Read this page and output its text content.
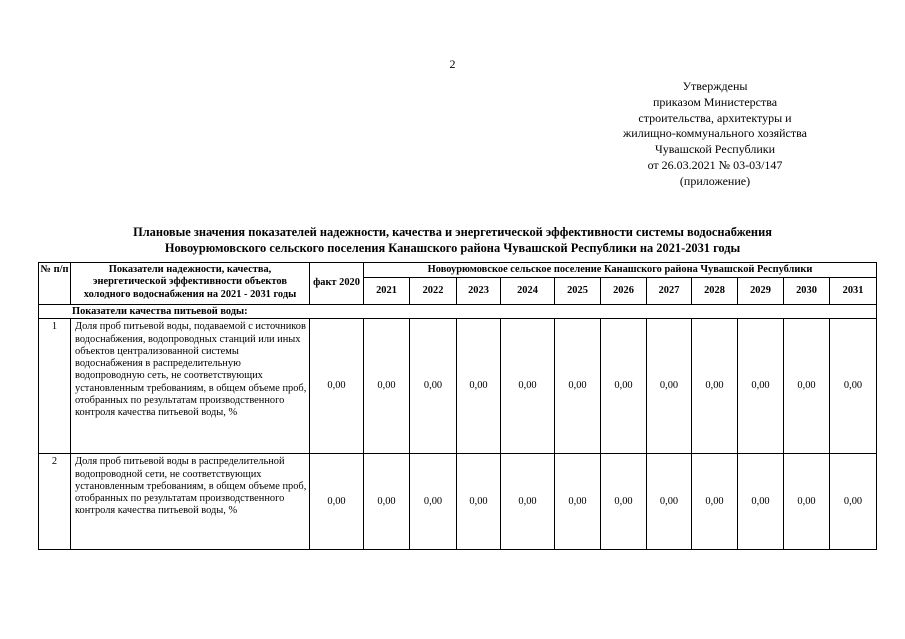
2
Утверждены
приказом Министерства
строительства, архитектуры и
жилищно-коммунального хозяйства
Чувашской Республики
от 26.03.2021 № 03-03/147
(приложение)
Плановые значения показателей надежности, качества и энергетической эффективности системы водоснабжения
Новоурюмовского сельского поселения Канашского района Чувашской Республики на 2021-2031 годы
№ п/п	Показатели надежности, качества, энергетической эффективности объектов холодного водоснабжения на 2021 - 2031 годы	факт 2020	Новоурюмовское сельское поселение Канашского района Чувашской Республики										
			2021	2022	2023	2024	2025	2026	2027	2028	2029	2030	2031
Показатели качества питьевой воды:													
1	Доля проб питьевой воды, подаваемой с источников водоснабжения, водопроводных станций или иных объектов централизованной системы водоснабжения в распределительную водопроводную сеть, не соответствующих установленным требованиям, в общем объеме проб, отобранных по результатам производственного контроля качества питьевой воды, %	0,00	0,00	0,00	0,00	0,00	0,00	0,00	0,00	0,00	0,00	0,00	0,00
2	Доля проб питьевой воды в распределительной водопроводной сети, не соответствующих установленным требованиям, в общем объеме проб, отобранных по результатам производственного контроля качества питьевой воды, %	0,00	0,00	0,00	0,00	0,00	0,00	0,00	0,00	0,00	0,00	0,00	0,00
